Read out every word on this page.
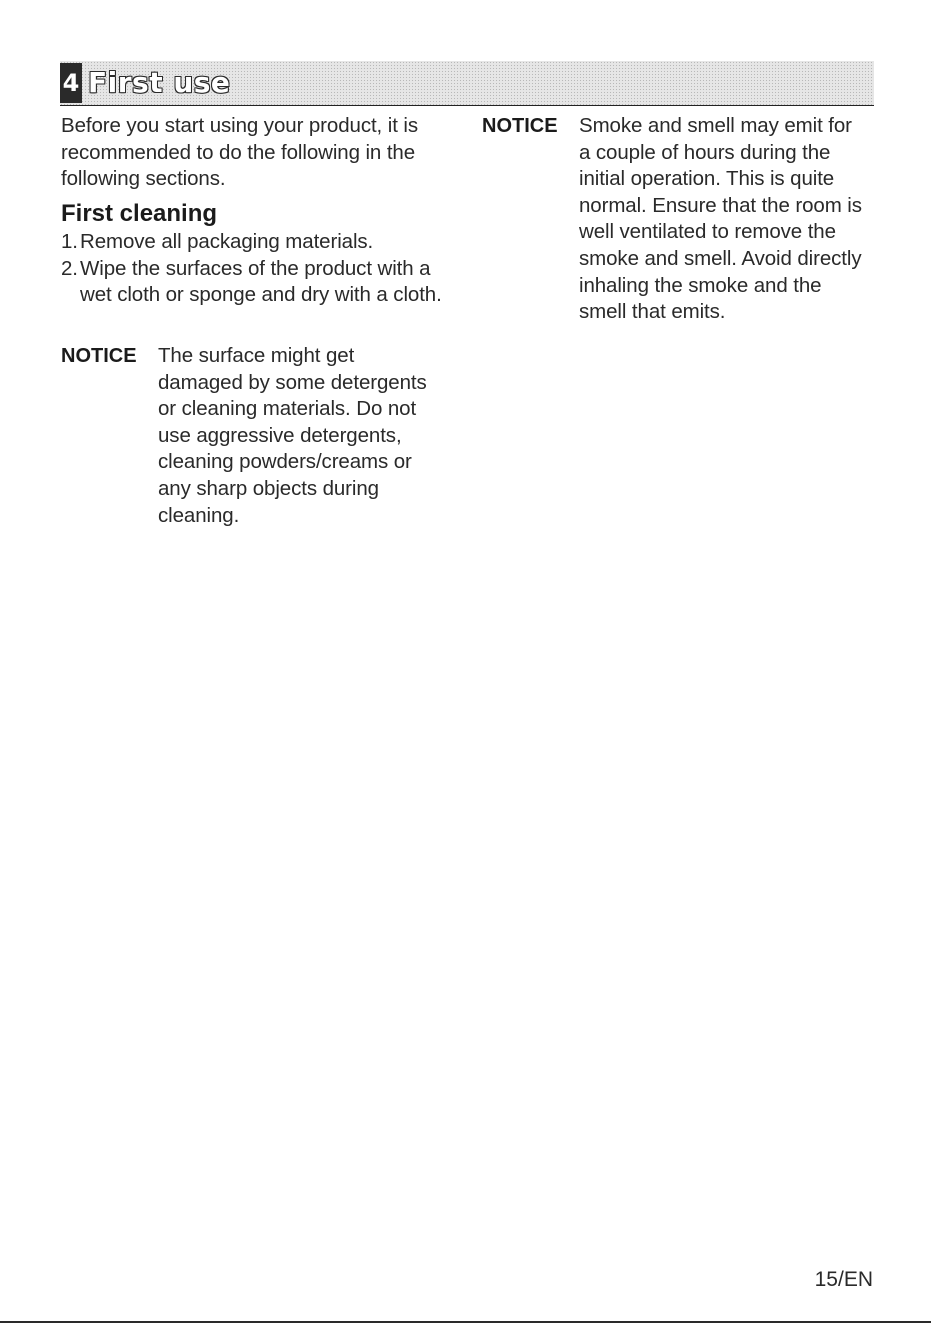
4 First use

Before you start using your product, it is recommended to do the following in the following sections.

First cleaning
1. Remove all packaging materials.
2. Wipe the surfaces of the product with a wet cloth or sponge and dry with a cloth.
NOTICE The surface might get damaged by some detergents or cleaning materials. Do not use aggressive detergents, cleaning powders/creams or any sharp objects during cleaning.

NOTICE Smoke and smell may emit for a couple of hours during the initial operation. This is quite normal. Ensure that the room is well ventilated to remove the smoke and smell. Avoid directly inhaling the smoke and the smell that emits.

15/EN
